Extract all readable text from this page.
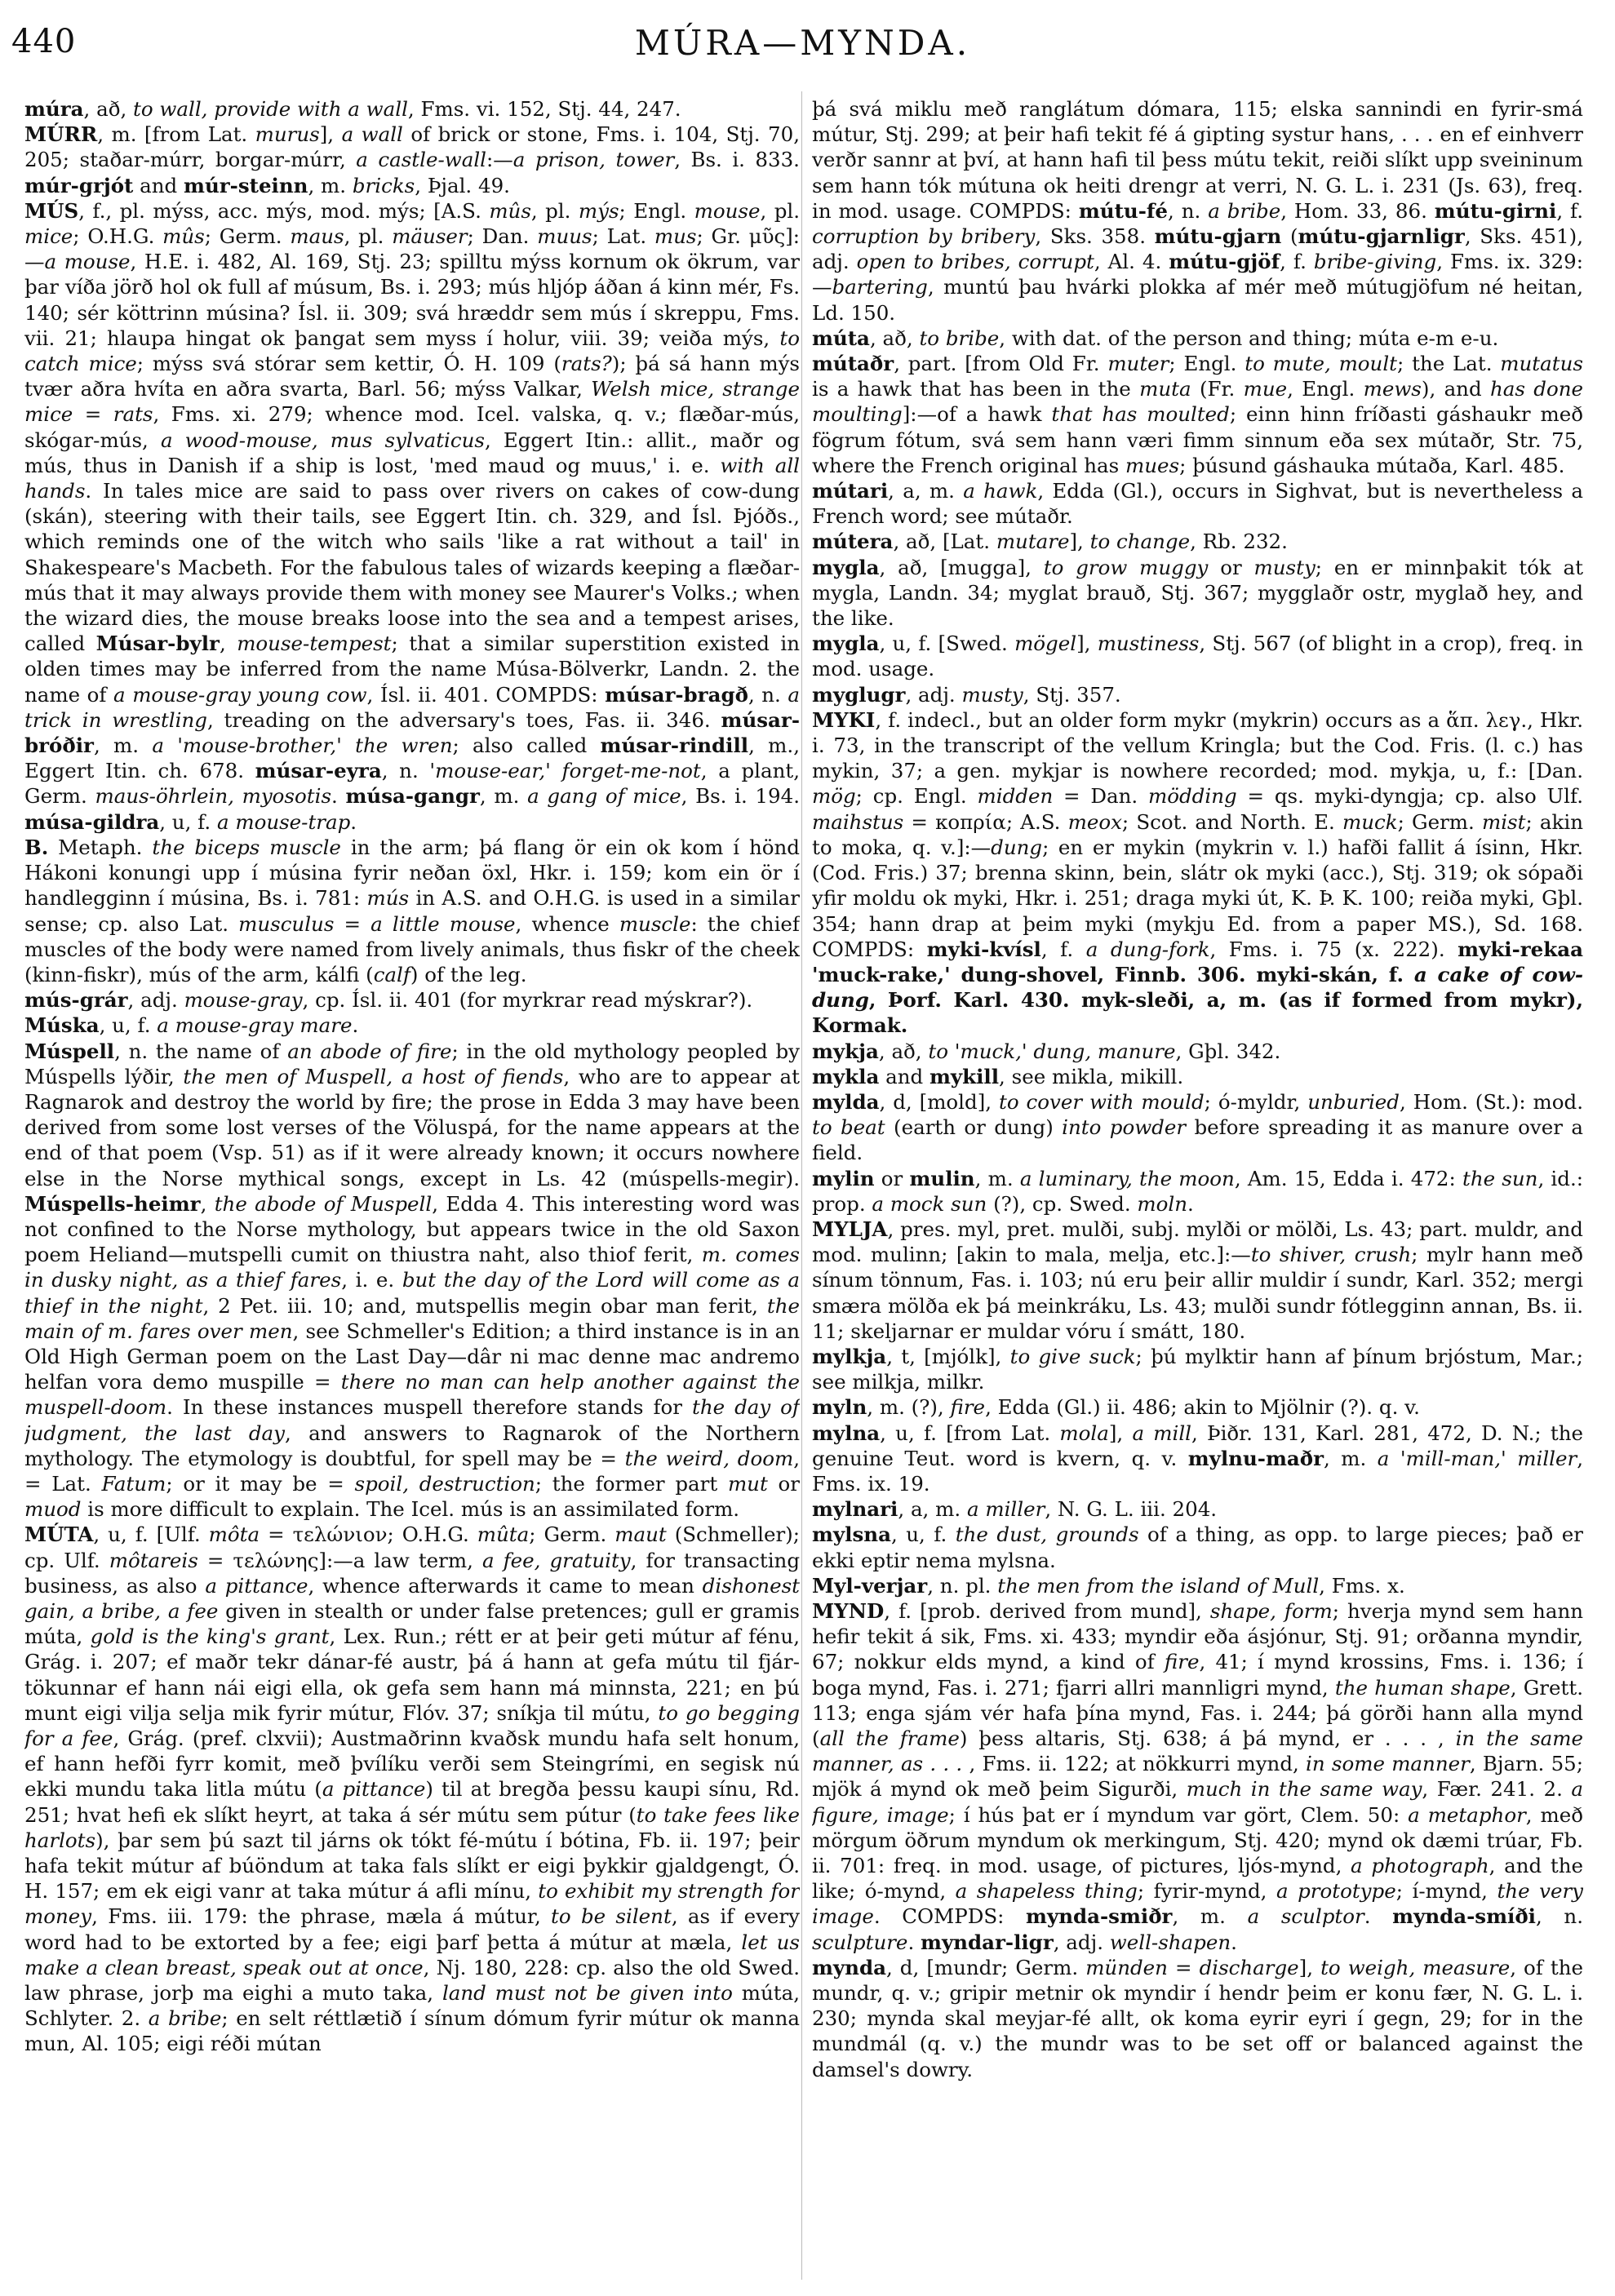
440	MÚRA—MYNDA.

múra, að, to wall, provide with a wall, Fms. vi. 152, Stj. 44, 247.

MÚRR, m. [from Lat. murus], a wall of brick or stone, Fms. i. 104, Stj. 70, 205; staðar-múrr, borgar-múrr, a castle-wall:—a prison, tower, Bs. i. 833. múr-grjót and múr-steinn, m. bricks, Þjal. 49.

MÚS, f., pl. mýss, acc. mýs, mod. mýs; [A.S. mûs, pl. mýs; Engl. mouse, pl. mice; O.H.G. mûs; Germ. maus, pl. mäuser; Dan. muus; Lat. mus; Gr. μῦς]:—a mouse, H.E. i. 482, Al. 169, Stj. 23; spilltu mýss kornum ok ökrum, var þar víða jörð hol ok full af músum, Bs. i. 293; mús hljóp áðan á kinn mér, Fs. 140; sér köttrinn músina? Ísl. ii. 309; svá hræddr sem mús í skreppu, Fms. vii. 21; hlaupa hingat ok þangat sem myss í holur, viii. 39; veiða mýs, to catch mice; mýss svá stórar sem kettir, Ó. H. 109 (rats?); þá sá hann mýs tvær aðra hvíta en aðra svarta, Barl. 56; mýss Valkar, Welsh mice, strange mice = rats, Fms. xi. 279; whence mod. Icel. valska, q. v.; flæðar-mús, skógar-mús, a wood-mouse, mus sylvaticus, Eggert Itin.: allit., maðr og mús, thus in Danish if a ship is lost, 'med maud og muus,' i. e. with all hands. In tales mice are said to pass over rivers on cakes of cow-dung (skán), steering with their tails, see Eggert Itin. ch. 329, and Ísl. Þjóðs., which reminds one of the witch who sails 'like a rat without a tail' in Shakespeare's Macbeth. For the fabulous tales of wizards keeping a flæðar-mús that it may always provide them with money see Maurer's Volks.; when the wizard dies, the mouse breaks loose into the sea and a tempest arises, called Músar-bylr, mouse-tempest; that a similar superstition existed in olden times may be inferred from the name Músa-Bölverkr, Landn. 2. the name of a mouse-gray young cow, Ísl. ii. 401. COMPDS: músar-bragð, n. a trick in wrestling, treading on the adversary's toes, Fas. ii. 346. músar-bróðir, m. a 'mouse-brother,' the wren; also called músar-rindill, m., Eggert Itin. ch. 678. músar-eyra, n. 'mouse-ear,' forget-me-not, a plant, Germ. maus-öhrlein, myosotis. músa-gangr, m. a gang of mice, Bs. i. 194. músa-gildra, u, f. a mouse-trap.

B. Metaph. the biceps muscle in the arm; þá flang ör ein ok kom í hönd Hákoni konungi upp í músina fyrir neðan öxl, Hkr. i. 159; kom ein ör í handlegginn í músina, Bs. i. 781: mús in A.S. and O.H.G. is used in a similar sense; cp. also Lat. musculus = a little mouse, whence muscle: the chief muscles of the body were named from lively animals, thus fiskr of the cheek (kinn-fiskr), mús of the arm, kálfi (calf) of the leg.

mús-grár, adj. mouse-gray, cp. Ísl. ii. 401 (for myrkrar read mýskrar?).

Múska, u, f. a mouse-gray mare.

Múspell, n. the name of an abode of fire; in the old mythology peopled by Múspells lýðir, the men of Muspell, a host of fiends, who are to appear at Ragnarok and destroy the world by fire; the prose in Edda 3 may have been derived from some lost verses of the Völuspá, for the name appears at the end of that poem (Vsp. 51) as if it were already known; it occurs nowhere else in the Norse mythical songs, except in Ls. 42 (múspells-megir). Múspells-heimr, the abode of Muspell, Edda 4. This interesting word was not confined to the Norse mythology, but appears twice in the old Saxon poem Heliand—mutspelli cumit on thiustra naht, also thiof ferit, m. comes in dusky night, as a thief fares, i. e. but the day of the Lord will come as a thief in the night, 2 Pet. iii. 10; and, mutspellis megin obar man ferit, the main of m. fares over men, see Schmeller's Edition; a third instance is in an Old High German poem on the Last Day—dâr ni mac denne mac andremo helfan vora demo muspille = there no man can help another against the muspell-doom. In these instances muspell therefore stands for the day of judgment, the last day, and answers to Ragnarok of the Northern mythology. The etymology is doubtful, for spell may be = the weird, doom, = Lat. Fatum; or it may be = spoil, destruction; the former part mut or muod is more difficult to explain. The Icel. mús is an assimilated form.

MÚTA, u, f. [Ulf. môta = τελώνιον; O.H.G. mûta; Germ. maut (Schmeller); cp. Ulf. môtareis = τελώνης]:—a law term, a fee, gratuity, for transacting business, as also a pittance, whence afterwards it came to mean dishonest gain, a bribe, a fee given in stealth or under false pretences; gull er gramis múta, gold is the king's grant, Lex. Run.; rétt er at þeir geti mútur af fénu, Grág. i. 207; ef maðr tekr dánar-fé austr, þá á hann at gefa mútu til fjár-tökunnar ef hann nái eigi ella, ok gefa sem hann má minnsta, 221; en þú munt eigi vilja selja mik fyrir mútur, Flóv. 37; sníkja til mútu, to go begging for a fee, Grág. (pref. clxvii); Austmaðrinn kvaðsk mundu hafa selt honum, ef hann hefði fyrr komit, með þvílíku verði sem Steingrími, en segisk nú ekki mundu taka litla mútu (a pittance) til at bregða þessu kaupi sínu, Rd. 251; hvat hefi ek slíkt heyrt, at taka á sér mútu sem pútur (to take fees like harlots), þar sem þú sazt til járns ok tókt fé-mútu í bótina, Fb. ii. 197; þeir hafa tekit mútur af búöndum at taka fals slíkt er eigi þykkir gjaldgengt, Ó. H. 157; em ek eigi vanr at taka mútur á afli mínu, to exhibit my strength for money, Fms. iii. 179: the phrase, mæla á mútur, to be silent, as if every word had to be extorted by a fee; eigi þarf þetta á mútur at mæla, let us make a clean breast, speak out at once, Nj. 180, 228: cp. also the old Swed. law phrase, jorþ ma eighi a muto taka, land must not be given into múta, Schlyter. 2. a bribe; en selt réttlætið í sínum dómum fyrir mútur ok manna mun, Al. 105; eigi réði mútan

þá svá miklu með ranglátum dómara, 115; elska sannindi en fyrir-smá mútur, Stj. 299; at þeir hafi tekit fé á gipting systur hans, . . . en ef einhverr verðr sannr at því, at hann hafi til þess mútu tekit, reiði slíkt upp sveininum sem hann tók mútuna ok heiti drengr at verri, N. G. L. i. 231 (Js. 63), freq. in mod. usage. COMPDS: mútu-fé, n. a bribe, Hom. 33, 86. mútu-girni, f. corruption by bribery, Sks. 358. mútu-gjarn (mútu-gjarnligr, Sks. 451), adj. open to bribes, corrupt, Al. 4. mútu-gjöf, f. bribe-giving, Fms. ix. 329:—bartering, muntú þau hvárki plokka af mér með mútugjöfum né heitan, Ld. 150.

múta, að, to bribe, with dat. of the person and thing; múta e-m e-u.

mútaðr, part. [from Old Fr. muter; Engl. to mute, moult; the Lat. mutatus is a hawk that has been in the muta (Fr. mue, Engl. mews), and has done moulting]:—of a hawk that has moulted; einn hinn fríðasti gáshaukr með fögrum fótum, svá sem hann væri fimm sinnum eða sex mútaðr, Str. 75, where the French original has mues; þúsund gáshauka mútaða, Karl. 485.

mútari, a, m. a hawk, Edda (Gl.), occurs in Sighvat, but is nevertheless a French word; see mútaðr.

mútera, að, [Lat. mutare], to change, Rb. 232.

mygla, að, [mugga], to grow muggy or musty; en er minnþakit tók at mygla, Landn. 34; myglat brauð, Stj. 367; mygglaðr ostr, myglað hey, and the like.

mygla, u, f. [Swed. mögel], mustiness, Stj. 567 (of blight in a crop), freq. in mod. usage.

myglugr, adj. musty, Stj. 357.

MYKI, f. indecl., but an older form mykr (mykrin) occurs as a ἅπ. λεγ., Hkr. i. 73, in the transcript of the vellum Kringla; but the Cod. Fris. (l. c.) has mykin, 37; a gen. mykjar is nowhere recorded; mod. mykja, u, f.: [Dan. mög; cp. Engl. midden = Dan. mödding = qs. myki-dyngja; cp. also Ulf. maihstus = κοπρία; A.S. meox; Scot. and North. E. muck; Germ. mist; akin to moka, q. v.]:—dung; en er mykin (mykrin v. l.) hafði fallit á ísinn, Hkr. (Cod. Fris.) 37; brenna skinn, bein, slátr ok myki (acc.), Stj. 319; ok sópaði yfir moldu ok myki, Hkr. i. 251; draga myki út, K. Þ. K. 100; reiða myki, Gþl. 354; hann drap at þeim myki (mykju Ed. from a paper MS.), Sd. 168. COMPDS: myki-kvísl, f. a dung-fork, Fms. i. 75 (x. 222). myki-rekaa 'muck-rake,' dung-shovel, Finnb. 306. myki-skán, f. a cake of cow-dung, Þorf. Karl. 430. myk-sleði, a, m. (as if formed from mykr), Kormak.

mykja, að, to 'muck,' dung, manure, Gþl. 342.

mykla and mykill, see mikla, mikill.

mylda, d, [mold], to cover with mould; ó-myldr, unburied, Hom. (St.): mod. to beat (earth or dung) into powder before spreading it as manure over a field.

mylin or mulin, m. a luminary, the moon, Am. 15, Edda i. 472: the sun, id.: prop. a mock sun (?), cp. Swed. moln.

MYLJA, pres. myl, pret. mulði, subj. mylði or mölði, Ls. 43; part. muldr, and mod. mulinn; [akin to mala, melja, etc.]:—to shiver, crush; mylr hann með sínum tönnum, Fas. i. 103; nú eru þeir allir muldir í sundr, Karl. 352; mergi smæra mölða ek þá meinkráku, Ls. 43; mulði sundr fótlegginn annan, Bs. ii. 11; skeljarnar er muldar vóru í smátt, 180.

mylkja, t, [mjólk], to give suck; þú mylktir hann af þínum brjóstum, Mar.; see milkja, milkr.

myln, m. (?), fire, Edda (Gl.) ii. 486; akin to Mjölnir (?). q. v.

mylna, u, f. [from Lat. mola], a mill, Þiðr. 131, Karl. 281, 472, D. N.; the genuine Teut. word is kvern, q. v. mylnu-maðr, m. a 'mill-man,' miller, Fms. ix. 19.

mylnari, a, m. a miller, N. G. L. iii. 204.

mylsna, u, f. the dust, grounds of a thing, as opp. to large pieces; það er ekki eptir nema mylsna.

Myl-verjar, n. pl. the men from the island of Mull, Fms. x.

MYND, f. [prob. derived from mund], shape, form; hverja mynd sem hann hefir tekit á sik, Fms. xi. 433; myndir eða ásjónur, Stj. 91; orðanna myndir, 67; nokkur elds mynd, a kind of fire, 41; í mynd krossins, Fms. i. 136; í boga mynd, Fas. i. 271; fjarri allri mannligri mynd, the human shape, Grett. 113; enga sjám vér hafa þína mynd, Fas. i. 244; þá görði hann alla mynd (all the frame) þess altaris, Stj. 638; á þá mynd, er . . . , in the same manner, as . . . , Fms. ii. 122; at nökkurri mynd, in some manner, Bjarn. 55; mjök á mynd ok með þeim Sigurði, much in the same way, Fær. 241. 2. a figure, image; í hús þat er í myndum var gört, Clem. 50: a metaphor, með mörgum öðrum myndum ok merkingum, Stj. 420; mynd ok dæmi trúar, Fb. ii. 701: freq. in mod. usage, of pictures, ljós-mynd, a photograph, and the like; ó-mynd, a shapeless thing; fyrir-mynd, a prototype; í-mynd, the very image. COMPDS: mynda-smiðr, m. a sculptor. mynda-smíði, n. sculpture. myndar-ligr, adj. well-shapen.

mynda, d, [mundr; Germ. münden = discharge], to weigh, measure, of the mundr, q. v.; gripir metnir ok myndir í hendr þeim er konu fær, N. G. L. i. 230; mynda skal meyjar-fé allt, ok koma eyrir eyri í gegn, 29; for in the mundmál (q. v.) the mundr was to be set off or balanced against the damsel's dowry.
